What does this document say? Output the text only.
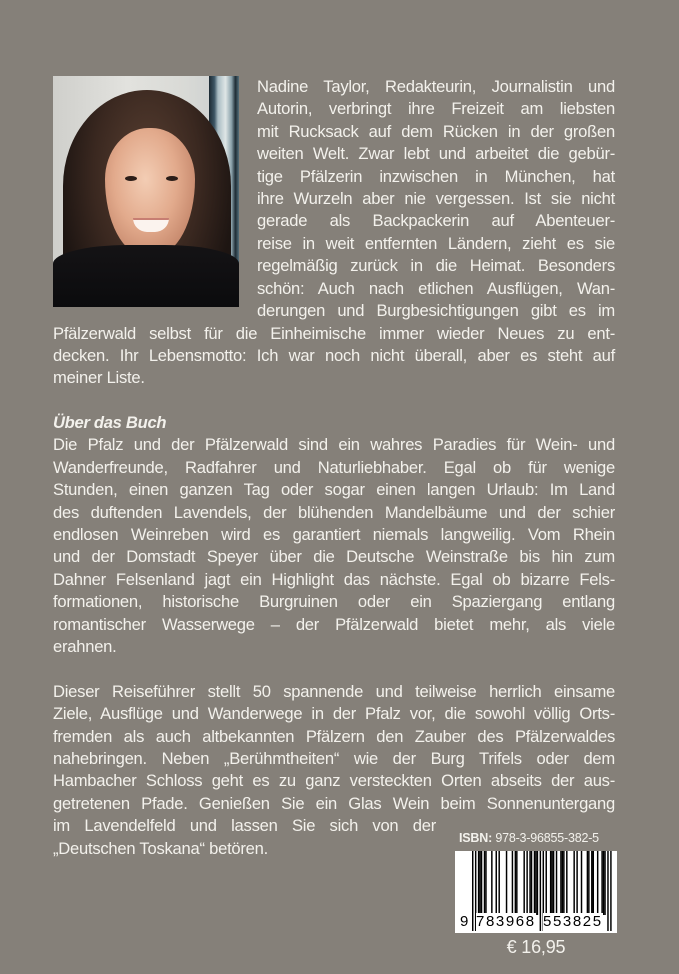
Nadine Taylor, Redakteurin, Journalistin und
Autorin, verbringt ihre Freizeit am liebsten
mit Rucksack auf dem Rücken in der großen
weiten Welt. Zwar lebt und arbeitet die gebür-
tige Pfälzerin inzwischen in München, hat
ihre Wurzeln aber nie vergessen. Ist sie nicht
gerade als Backpackerin auf Abenteuer-
reise in weit entfernten Ländern, zieht es sie
regelmäßig zurück in die Heimat. Besonders
schön: Auch nach etlichen Ausflügen, Wan-
derungen und Burgbesichtigungen gibt es im
Pfälzerwald selbst für die Einheimische immer wieder Neues zu ent-
decken. Ihr Lebensmotto: Ich war noch nicht überall, aber es steht auf
meiner Liste.
Über das Buch
Die Pfalz und der Pfälzerwald sind ein wahres Paradies für Wein- und
Wanderfreunde, Radfahrer und Naturliebhaber. Egal ob für wenige
Stunden, einen ganzen Tag oder sogar einen langen Urlaub: Im Land
des duftenden Lavendels, der blühenden Mandelbäume und der schier
endlosen Weinreben wird es garantiert niemals langweilig. Vom Rhein
und der Domstadt Speyer über die Deutsche Weinstraße bis hin zum
Dahner Felsenland jagt ein Highlight das nächste. Egal ob bizarre Fels-
formationen, historische Burgruinen oder ein Spaziergang entlang
romantischer Wasserwege – der Pfälzerwald bietet mehr, als viele
erahnen.
Dieser Reiseführer stellt 50 spannende und teilweise herrlich einsame
Ziele, Ausflüge und Wanderwege in der Pfalz vor, die sowohl völlig Orts-
fremden als auch altbekannten Pfälzern den Zauber des Pfälzerwaldes
nahebringen. Neben „Berühmtheiten“ wie der Burg Trifels oder dem
Hambacher Schloss geht es zu ganz versteckten Orten abseits der aus-
getretenen Pfade. Genießen Sie ein Glas Wein beim Sonnenuntergang
im Lavendelfeld und lassen Sie sich von der
„Deutschen Toskana“ betören.
ISBN: 978-3-96855-382-5
9 783968 553825
€ 16,95
